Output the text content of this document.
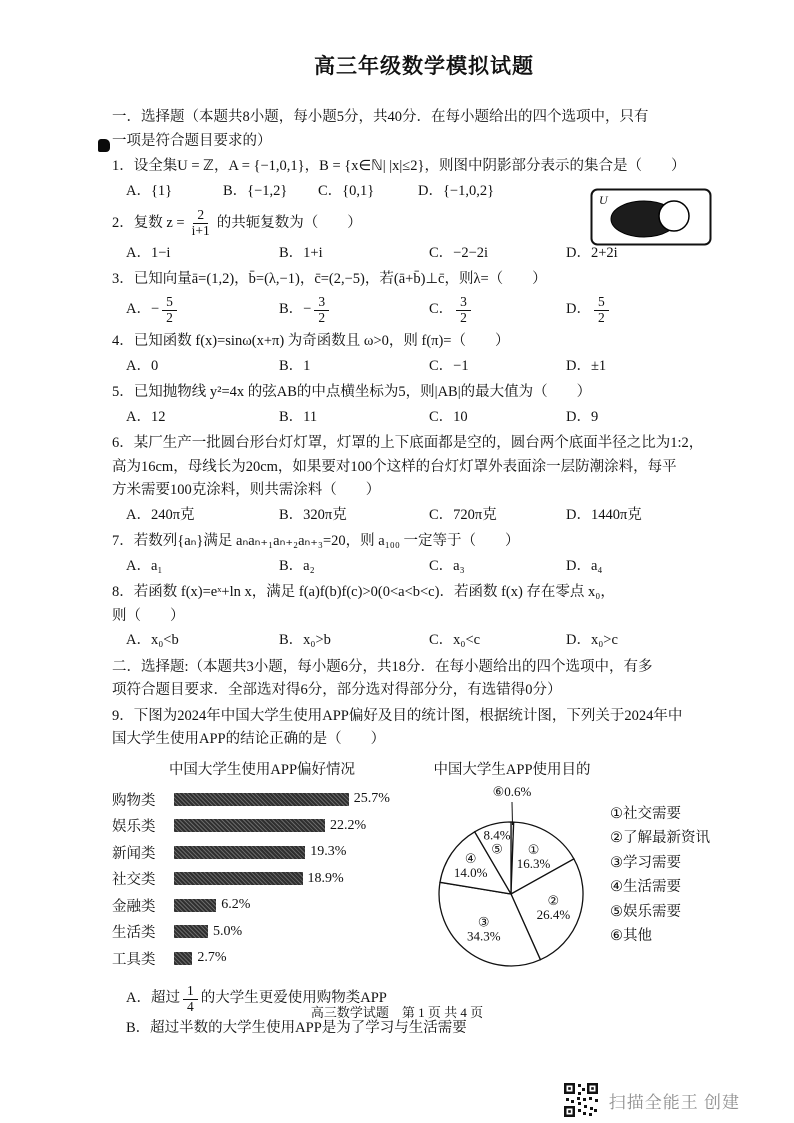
U
高三年级数学模拟试题
一．选择题（本题共8小题，每小题5分，共40分．在每小题给出的四个选项中，只有
一项是符合题目要求的）
1．设全集U = ℤ，A = {−1,0,1}，B = {x∈ℕ| |x|≤2}，则图中阴影部分表示的集合是（　　）
A．{1}	B．{−1,2}	C．{0,1}	D．{−1,0,2}
2．复数 $z = \frac{2}{i+1}$ 的共轭复数为（　　）
A．1−i	B．1+i	C．−2−2i	D．2+2i
3．已知向量ā=(1,2)，b̄=(λ,−1)，c̄=(2,−5)，若(ā+b̄)⊥c̄，则λ=（　　）
A． − $\frac{5}{2}$	B． − $\frac{3}{2}$	C． $\frac{3}{2}$	D． $\frac{5}{2}$
4．已知函数 f(x)=sinω(x+π) 为奇函数且 ω>0，则 f(π)=（　　）
A．0	B．1	C．−1	D．±1
5．已知抛物线 y²=4x 的弦AB的中点横坐标为5，则|AB|的最大值为（　　）
A．12	B．11	C．10	D．9
6．某厂生产一批圆台形台灯灯罩，灯罩的上下底面都是空的，圆台两个底面半径之比为1:2，
高为16cm，母线长为20cm，如果要对100个这样的台灯灯罩外表面涂一层防潮涂料，每平
方米需要100克涂料，则共需涂料（　　）
A．240π克	B．320π克	C．720π克	D．1440π克
7．若数列{aₙ}满足 aₙaₙ₊₁aₙ₊₂aₙ₊₃=20，则 a₁₀₀ 一定等于（　　）
A．a₁	B．a₂	C．a₃	D．a₄
8．若函数 f(x)=eˣ+ln x，满足 f(a)f(b)f(c)>0(0<a<b<c)．若函数 f(x) 存在零点 x₀，
则（　　）
A．x₀<b	B．x₀>b	C．x₀<c	D．x₀>c
二．选择题:（本题共3小题，每小题6分，共18分．在每小题给出的四个选项中，有多
项符合题目要求．全部选对得6分，部分选对得部分分，有选错得0分）
9．下图为2024年中国大学生使用APP偏好及目的统计图，根据统计图，下列关于2024年中
国大学生使用APP的结论正确的是（　　）
中国大学生使用APP偏好情况
购物类	25.7%
娱乐类	22.2%
新闻类	19.3%
社交类	18.9%
金融类	6.2%
生活类	5.0%
工具类	2.7%
中国大学生APP使用目的
① 16.3%
② 26.4%
③ 34.3%
④ 14.0%
8.4% ⑤
⑥0.6%
①社交需要
②了解最新资讯
③学习需要
④生活需要
⑤娱乐需要
⑥其他
A．超过 $\frac{1}{4}$ 的大学生更爱使用购物类APP
B．超过半数的大学生使用APP是为了学习与生活需要
高三数学试题　第 1 页 共 4 页
扫描全能王 创建
